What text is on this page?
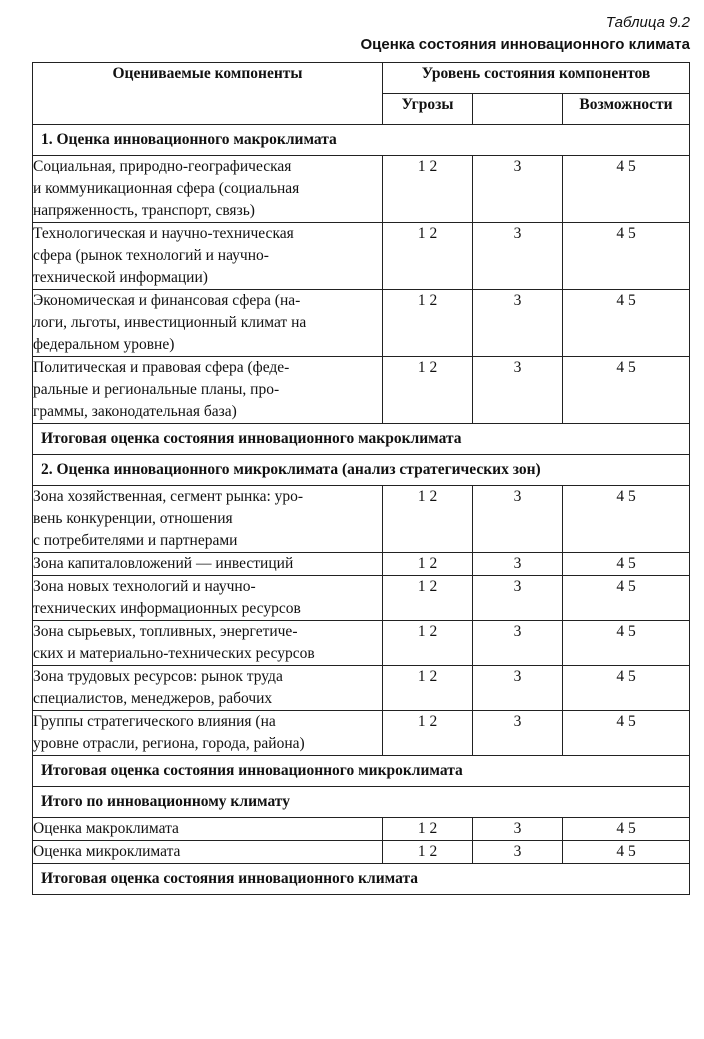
Таблица 9.2
Оценка состояния инновационного климата
Оцениваемые компоненты	Уровень состояния компонентов		
	Угрозы		Возможности
1. Оценка инновационного макроклимата			

Социальная, природно-географическая
и коммуникационная сфера (социальная
напряженность, транспорт, связь)	1 2	3	4 5

Технологическая и научно-техническая
сфера (рынок технологий и научно-
технической информации)	1 2	3	4 5

Экономическая и финансовая сфера (на-
логи, льготы, инвестиционный климат на
федеральном уровне)	1 2	3	4 5

Политическая и правовая сфера (феде-
ральные и региональные планы, про-
граммы, законодательная база)	1 2	3	4 5
Итоговая оценка состояния инновационного макроклимата			
2. Оценка инновационного микроклимата (анализ стратегических зон)			

Зона хозяйственная, сегмент рынка: уро-
вень конкуренции, отношения
с потребителями и партнерами	1 2	3	4 5

Зона капиталовложений — инвестиций	1 2	3	4 5

Зона новых технологий и научно-
технических информационных ресурсов	1 2	3	4 5

Зона сырьевых, топливных, энергетиче-
ских и материально-технических ресурсов	1 2	3	4 5

Зона трудовых ресурсов: рынок труда
специалистов, менеджеров, рабочих	1 2	3	4 5

Группы стратегического влияния (на
уровне отрасли, региона, города, района)	1 2	3	4 5
Итоговая оценка состояния инновационного микроклимата			
Итого по инновационному климату			

Оценка макроклимата	1 2	3	4 5

Оценка микроклимата	1 2	3	4 5
Итоговая оценка состояния инновационного климата			
